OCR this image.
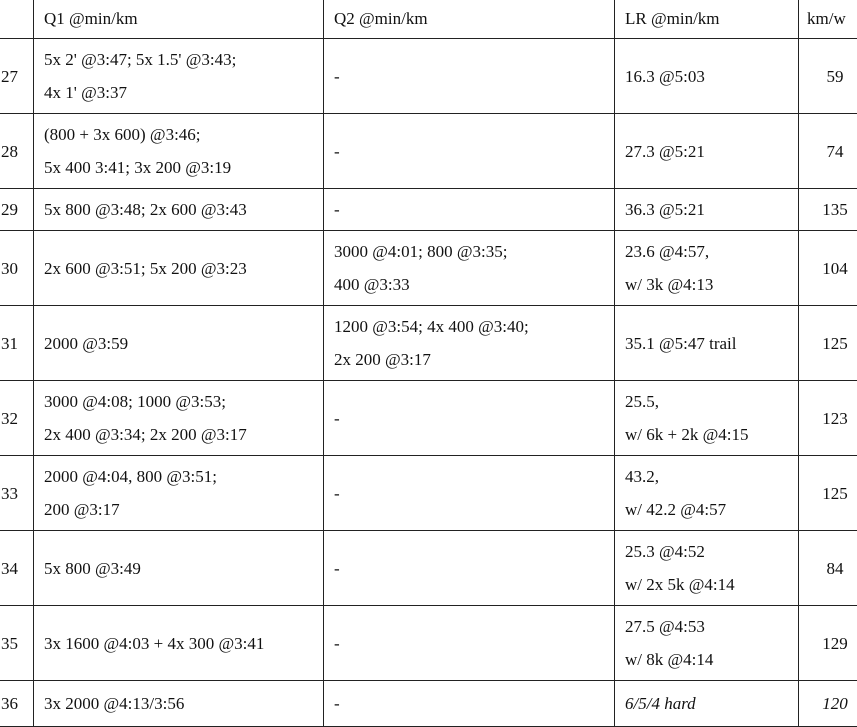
	Q1 @min/km	Q2 @min/km	LR @min/km	km/w
27	5x 2' @3:47; 5x 1.5' @3:43;
4x 1' @3:37	-	16.3 @5:03	59
28	(800 + 3x 600) @3:46;
5x 400 3:41; 3x 200 @3:19	-	27.3 @5:21	74
29	5x 800 @3:48; 2x 600 @3:43	-	36.3 @5:21	135
30	2x 600 @3:51; 5x 200 @3:23	3000 @4:01; 800 @3:35;
400 @3:33	23.6 @4:57,
w/ 3k @4:13	104
31	2000 @3:59	1200 @3:54; 4x 400 @3:40;
2x 200 @3:17	35.1 @5:47 trail	125
32	3000 @4:08; 1000 @3:53;
2x 400 @3:34; 2x 200 @3:17	-	25.5,
w/ 6k + 2k @4:15	123
33	2000 @4:04, 800 @3:51;
200 @3:17	-	43.2,
w/ 42.2 @4:57	125
34	5x 800 @3:49	-	25.3 @4:52
w/ 2x 5k @4:14	84
35	3x 1600 @4:03 + 4x 300 @3:41	-	27.5 @4:53
w/ 8k @4:14	129
36	3x 2000 @4:13/3:56	-	6/5/4 hard	120
